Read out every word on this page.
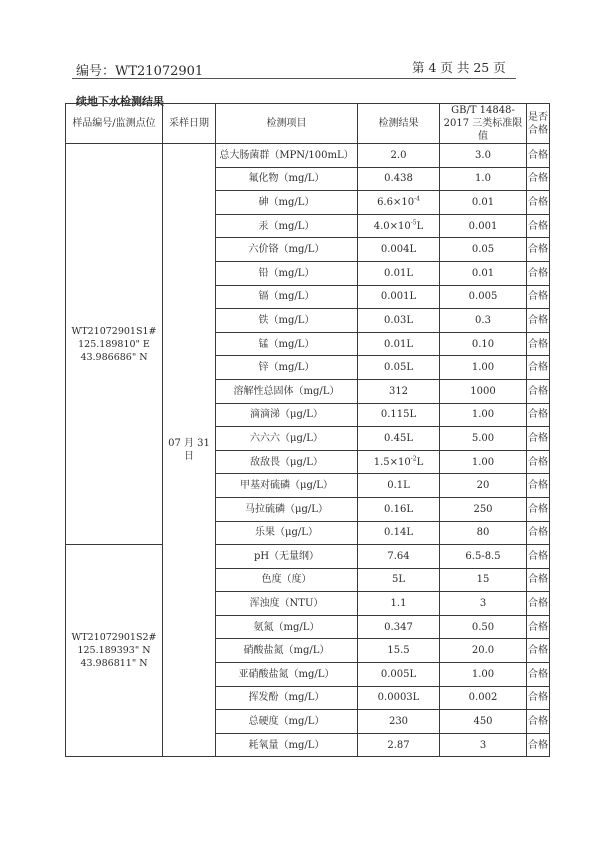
编号：WT21072901	第 4 页 共 25 页
续地下水检测结果
样品编号/监测点位	采样日期	检测项目	检测结果	GB/T 14848-2017 三类标准限值	是否合格

WT21072901S1#
125.189810" E
43.986686" N	07 月 31 日	总大肠菌群（MPN/100mL）	2.0	3.0	合格
		氟化物（mg/L）	0.438	1.0	合格
		砷（mg/L）	$6.6\times 10^{-4}$	0.01	合格
		汞（mg/L）	$4.0\times 10^{-5}L$	0.001	合格
		六价铬（mg/L）	0.004L	0.05	合格
		铅（mg/L）	0.01L	0.01	合格
		镉（mg/L）	0.001L	0.005	合格
		铁（mg/L）	0.03L	0.3	合格
		锰（mg/L）	0.01L	0.10	合格
		锌（mg/L）	0.05L	1.00	合格
		溶解性总固体（mg/L）	312	1000	合格
		滴滴涕（μg/L）	0.115L	1.00	合格
		六六六（μg/L）	0.45L	5.00	合格
		敌敌畏（μg/L）	$1.5\times 10^{-2}L$	1.00	合格
		甲基对硫磷（μg/L）	0.1L	20	合格
		马拉硫磷（μg/L）	0.16L	250	合格
		乐果（μg/L）	0.14L	80	合格

WT21072901S2#
125.189393" N
43.986811" N		pH（无量纲）	7.64	6.5-8.5	合格
		色度（度）	5L	15	合格
		浑浊度（NTU）	1.1	3	合格
		氨氮（mg/L）	0.347	0.50	合格
		硝酸盐氮（mg/L）	15.5	20.0	合格
		亚硝酸盐氮（mg/L）	0.005L	1.00	合格
		挥发酚（mg/L）	0.0003L	0.002	合格
		总硬度（mg/L）	230	450	合格
		耗氧量（mg/L）	2.87	3	合格
